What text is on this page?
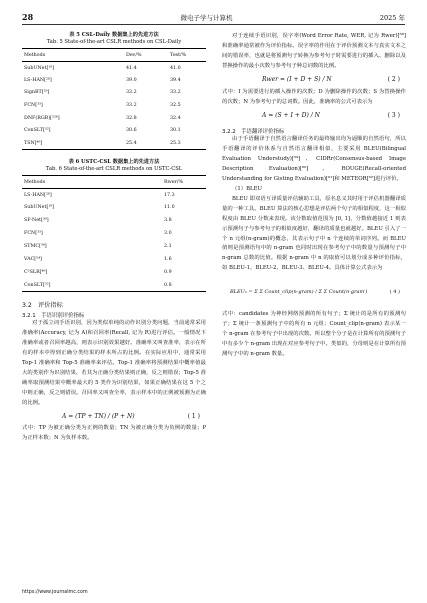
28	微电子学与计算机	2025 年
表 5 CSL-Daily 数据集上的先进方法
Tab. 5 State-of-the-art CSLR methods on CSL-Daily
Methods	Dev/%	Test/%
SubUNet[¹⁹]	41.4	41.0
LS-HAN[²⁸]	39.0	39.4
SignBT[²⁹]	33.2	33.2
FCN[³³]	33.2	32.5
DNF(RGB)[²²⁴]	32.8	32.4
ConSLT[³²]	30.6	30.1
TSN[⁴⁶]	25.4	25.3
表 6 USTC-CSL 数据集上的先进方法
Tab. 6 State-of-the-art CSLR methods on USTC-CSL
Methods	Rwer/%
LS-HAN[²⁸]	17.3
SubUNet[¹⁹]	11.0
SF-Net[³⁰]	3.8
FCN[³³]	3.0
STMC[³⁴]	2.1
VAC[⁵⁴]	1.6
C²SLR[⁴⁶]	0.9
ConSLT[³²]	0.8
3.2　评价指标
3.2.1　手语识别评价指标

对于孤立词手语识别，因为类似单纯的动作识别分类问题，当前通常采用准确率(Accuracy, 记为 A)和召回率(Recall, 记为 R)进行评估。一般情况下准确率或者召回率越高，则表示识别效果越好。准确率又叫查准率，表示在所有的样本中得到正确分类结果的样本所占的比例。在实际应用中，通常采用 Top-1 准确率和 Top-5 准确率来评估。Top-1 准确率将预测结果中概率值最大的类别作为识别结果，若其为正确分类结果则正确，反之则错误；Top-5 准确率取预测结果中概率最大的 5 类作为识别结果，如果正确结果在这 5 个之中则正确，反之则错误。召回率又叫查全率，表示样本中的正例被预测为正确的比例。

A = (TP + TN) / (P + N)	( 1 )

式中：TP 为被正确分类为正例的数量；TN 为被正确分类为负例的数量；P 为正样本数；N 为负样本数。

对于连续手语识别，误字率(Word Error Rate, WER, 记为 Rwer)[⁵⁸]和准确率通常被作为评价指标。误字率的作用在于评价预测文本与真实文本之间的错误率，也就是将预测句子转换为参考句子时需要进行的插入、删除以及替换操作的最小次数与参考句子种总词数的比例。

Rwer = (I + D + S) / N	( 2 )

式中：I 为需要进行的插入操作的次数；D 为删除操作的次数；S 为替换操作的次数；N 为参考句子的总词数。因此，准确率的公式可表示为

A = (S + I + D) / N	( 3 )
3.2.2　手语翻译评价指标

由于手语翻译于自然语言翻译任务的最终输出均为逼顺的自然语句，所以手语翻译的评价体系与自然语言翻译相似，主要采用 BLEU(Bilingual Evaluation Understudy)[⁵⁹]、CIDRr(Consensus-based Image Description Evaluation)[⁶⁰]、ROUGE(Recall-oriented Understanding for Gisting Evaluation)[⁶¹]和 METEOR[⁶²]进行评价。

（1）BLEU

BLEU 即双语互译质量评估辅助工具，原名息义其时用于评估机器翻译质量的一种工具。BLEU 算法的核心思想是评估两个句子的相似程度，这一相似程度由 BLEU 分数来表现。该分数取值范围为 [0, 1]，分数值越接近 1 则表示预测句子与参考句子的相似度越好，翻译的质量也就越好。BLEU 引入了一个 n 元组(n-gram)的概念，其表示句子中 n 个连续的单词序列。而 BLEU 值则是预测语句中的 n-gram 也同时出现在参考句子中的数量与预测句子中 n-gram 总数的比值。根据 n-gram 中 n 的取值可以划分成多种评价指标，如 BLEU-1、BLEU-2、BLEU-3、BLEU-4。具体计算公式表示为

BLEUₙ = Σ Σ Count_clip(n-gram) / Σ Σ Count(n-gram′)	( 4 )

式中：candidates 为神经网络预测的所有句子；Σ 统计的是所有的预测句子；Σ 统计一条预测句子中的所有 n 元组；Count_clip(n-gram) 表示某一个 n-gram 在参考句子中出现的次数。所以整个分子是在计算所有的预测句子中有多少个 n-gram 出现在对应参考句子中。类似的，分母则是在计算所有预测句子中的 n-gram 数量。

https://www.journalmc.com
